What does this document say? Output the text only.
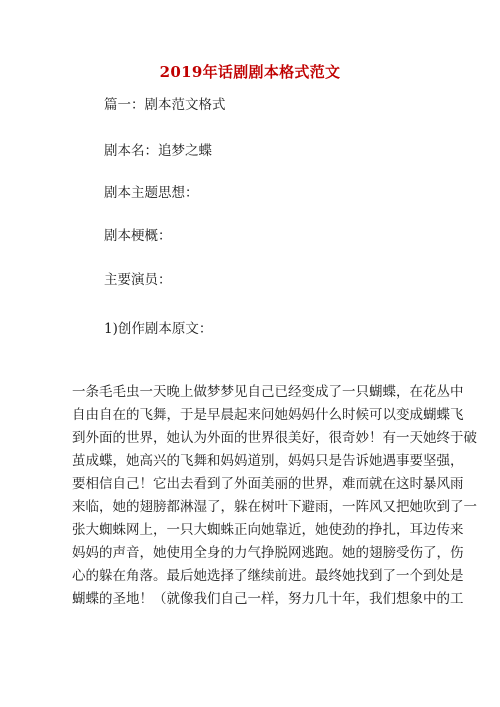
2019年话剧剧本格式范文
篇一：剧本范文格式
剧本名：追梦之蝶
剧本主题思想：
剧本梗概：
主要演员：
1)创作剧本原文：
一条毛毛虫一天晚上做梦梦见自己已经变成了一只蝴蝶，在花丛中
自由自在的飞舞，于是早晨起来问她妈妈什么时候可以变成蝴蝶飞
到外面的世界，她认为外面的世界很美好，很奇妙！有一天她终于破
茧成蝶，她高兴的飞舞和妈妈道别，妈妈只是告诉她遇事要坚强，
要相信自己！它出去看到了外面美丽的世界，难而就在这时暴风雨
来临，她的翅膀都淋湿了，躲在树叶下避雨，一阵风又把她吹到了一
张大蜘蛛网上，一只大蜘蛛正向她靠近，她使劲的挣扎，耳边传来
妈妈的声音，她使用全身的力气挣脱网逃跑。她的翅膀受伤了，伤
心的躲在角落。最后她选择了继续前进。最终她找到了一个到处是
蝴蝶的圣地！（就像我们自己一样，努力几十年，我们想象中的工
